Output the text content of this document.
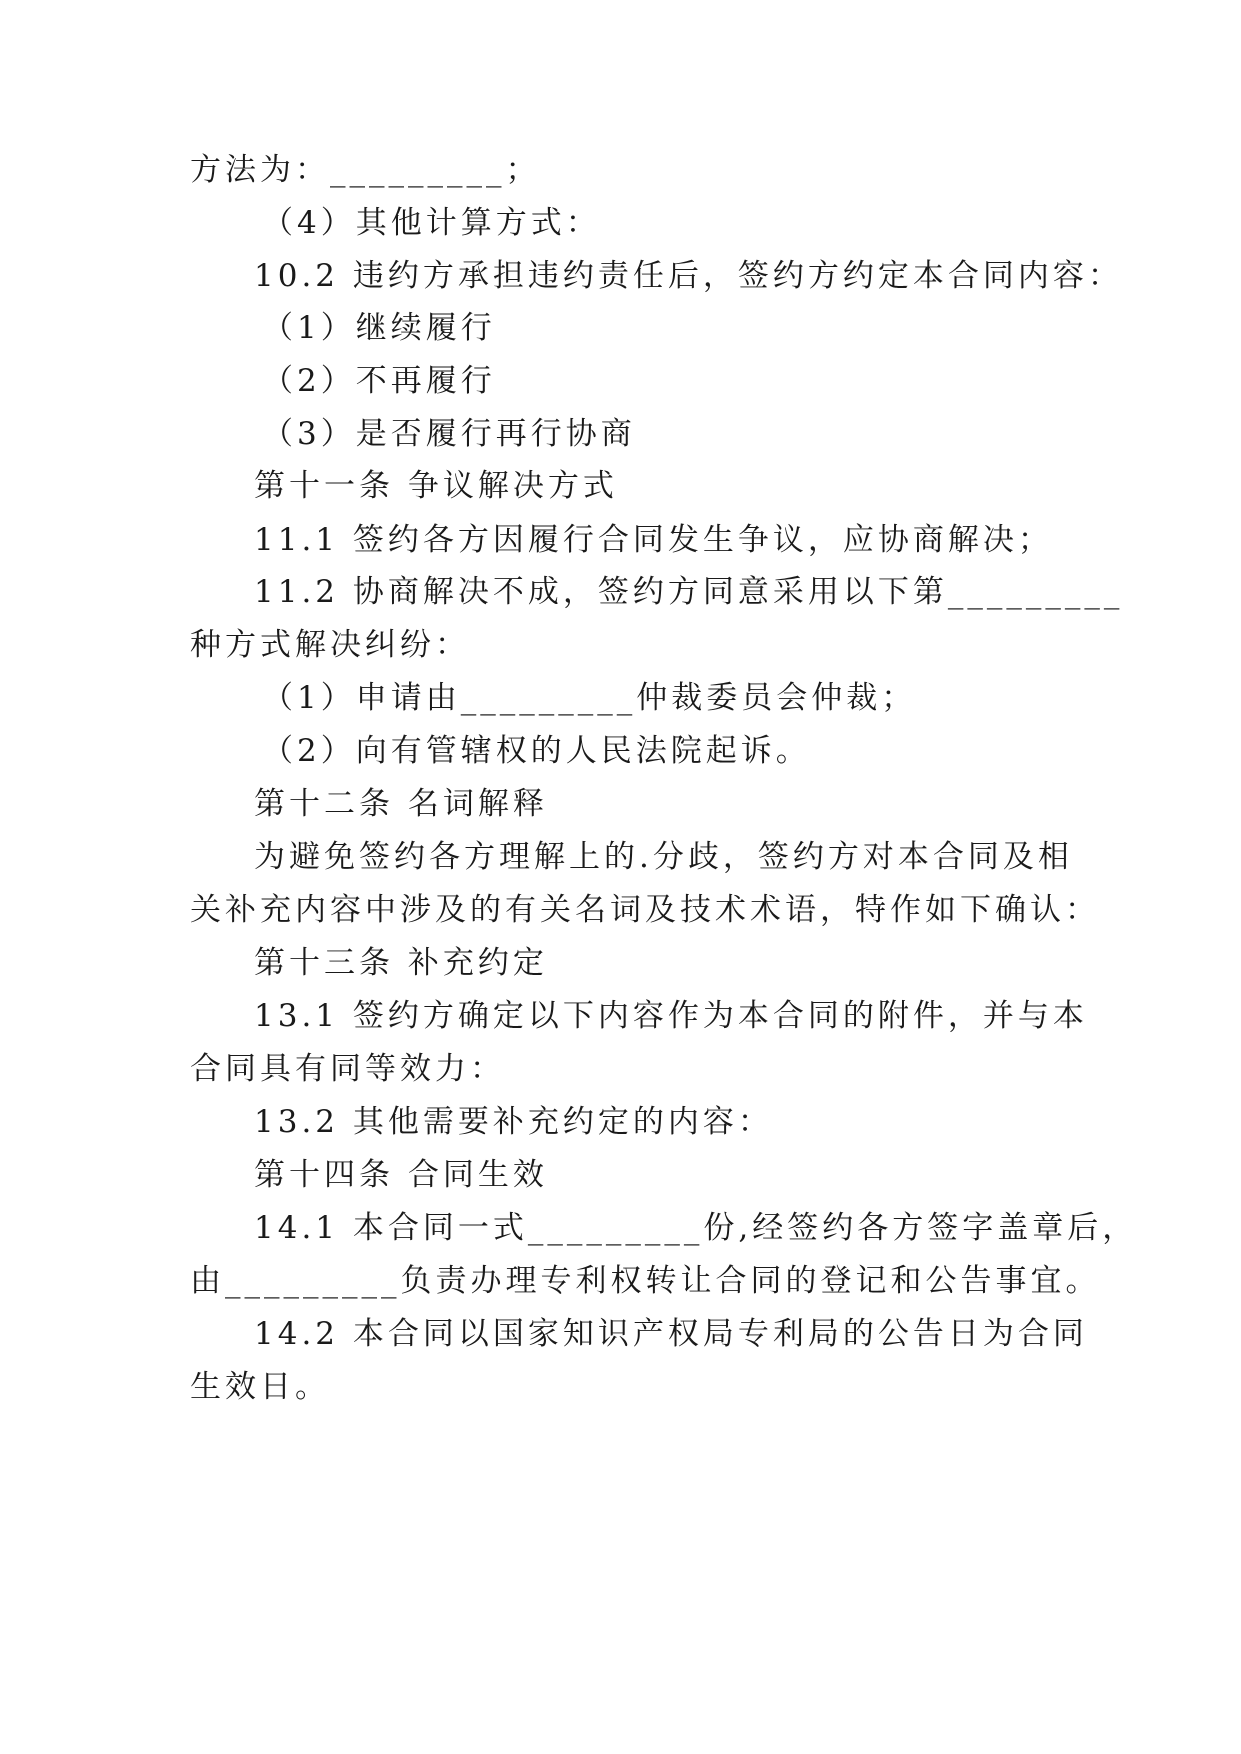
方法为：_________；
（4）其他计算方式：
10.2 违约方承担违约责任后，签约方约定本合同内容：
（1）继续履行
（2）不再履行
（3）是否履行再行协商
第十一条 争议解决方式
11.1 签约各方因履行合同发生争议，应协商解决；
11.2 协商解决不成，签约方同意采用以下第_________
种方式解决纠纷：
（1）申请由_________仲裁委员会仲裁；
（2）向有管辖权的人民法院起诉。
第十二条 名词解释
为避免签约各方理解上的.分歧，签约方对本合同及相
关补充内容中涉及的有关名词及技术术语，特作如下确认：
第十三条 补充约定
13.1 签约方确定以下内容作为本合同的附件，并与本
合同具有同等效力：
13.2 其他需要补充约定的内容：
第十四条 合同生效
14.1 本合同一式_________份,经签约各方签字盖章后，
由_________负责办理专利权转让合同的登记和公告事宜。
14.2 本合同以国家知识产权局专利局的公告日为合同
生效日。
